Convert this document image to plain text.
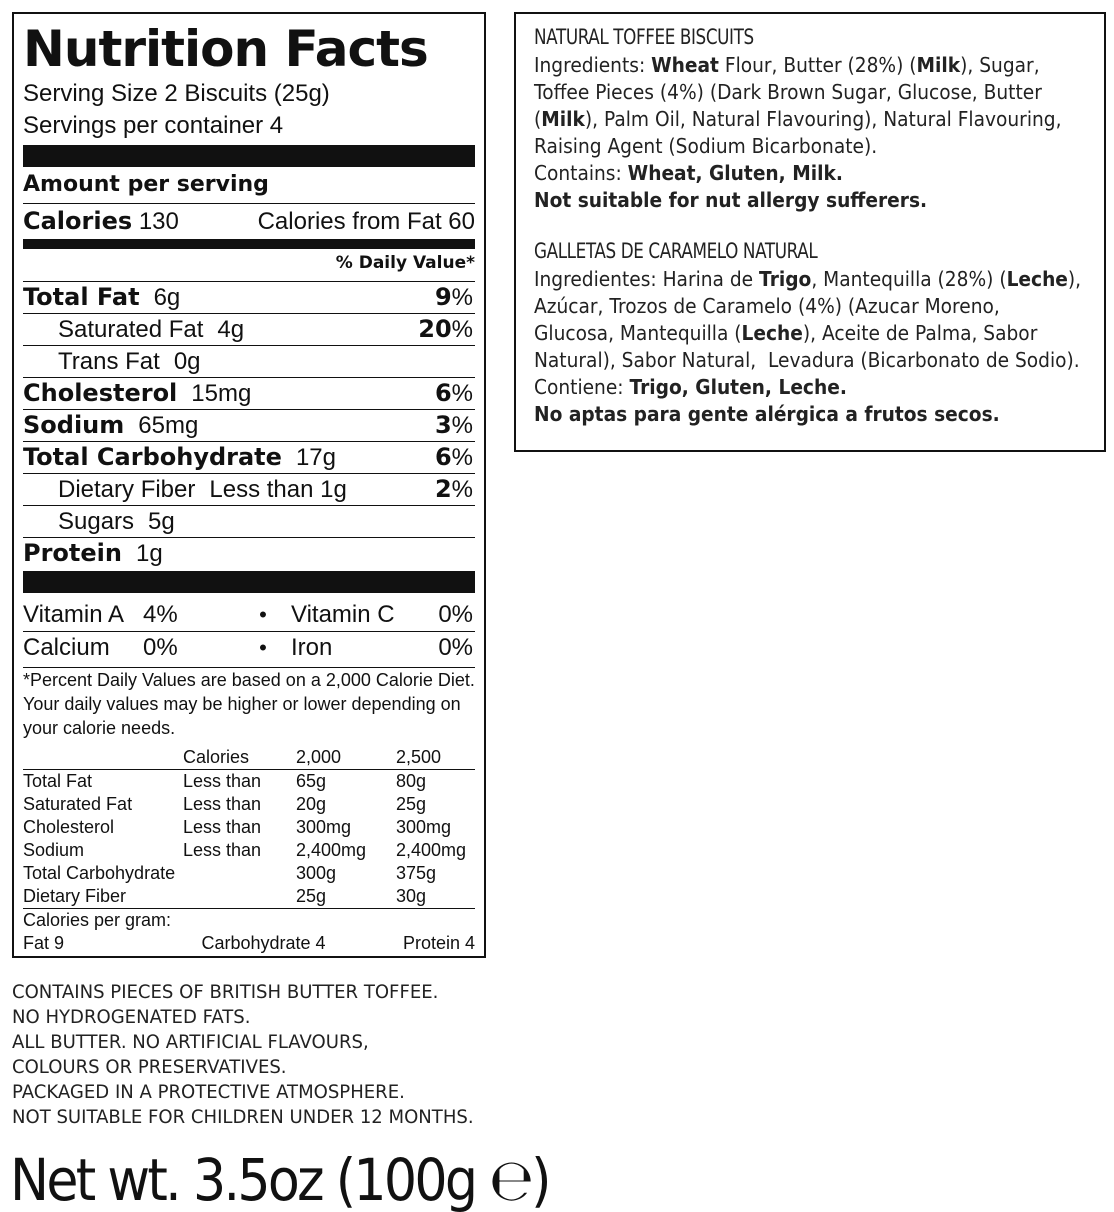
Nutrition Facts
Serving Size 2 Biscuits (25g)
Servings per container 4
Amount per serving
Calories 130	Calories from Fat 60
% Daily Value*
Total Fat 6g	9%
Saturated Fat 4g	20%
Trans Fat 0g
Cholesterol 15mg	6%
Sodium 65mg	3%
Total Carbohydrate 17g	6%
Dietary Fiber Less than 1g	2%
Sugars 5g
Protein 1g
Vitamin A 4%	•	Vitamin C	0%
Calcium	0%	•	Iron	0%
*Percent Daily Values are based on a 2,000 Calorie Diet. Your daily values may be higher or lower depending on your calorie needs.
	Calories	2,000	2,500
Total Fat	Less than	65g	80g
Saturated Fat	Less than	20g	25g
Cholesterol	Less than	300mg	300mg
Sodium	Less than	2,400mg	2,400mg
Total Carbohydrate		300g	375g
Dietary Fiber		25g	30g
Calories per gram:
Fat 9	Carbohydrate 4	Protein 4
NATURAL TOFFEE BISCUITS
Ingredients: Wheat Flour, Butter (28%) (Milk), Sugar,
Toffee Pieces (4%) (Dark Brown Sugar, Glucose, Butter
(Milk), Palm Oil, Natural Flavouring), Natural Flavouring,
Raising Agent (Sodium Bicarbonate).
Contains: Wheat, Gluten, Milk.
Not suitable for nut allergy sufferers.
GALLETAS DE CARAMELO NATURAL
Ingredientes: Harina de Trigo, Mantequilla (28%) (Leche),
Azúcar, Trozos de Caramelo (4%) (Azucar Moreno,
Glucosa, Mantequilla (Leche), Aceite de Palma, Sabor
Natural), Sabor Natural,  Levadura (Bicarbonato de Sodio).
Contiene: Trigo, Gluten, Leche.
No aptas para gente alérgica a frutos secos.
CONTAINS PIECES OF BRITISH BUTTER TOFFEE.
NO HYDROGENATED FATS.
ALL BUTTER. NO ARTIFICIAL FLAVOURS,
COLOURS OR PRESERVATIVES.
PACKAGED IN A PROTECTIVE ATMOSPHERE.
NOT SUITABLE FOR CHILDREN UNDER 12 MONTHS.
Net wt. 3.5oz (100g ℮)
